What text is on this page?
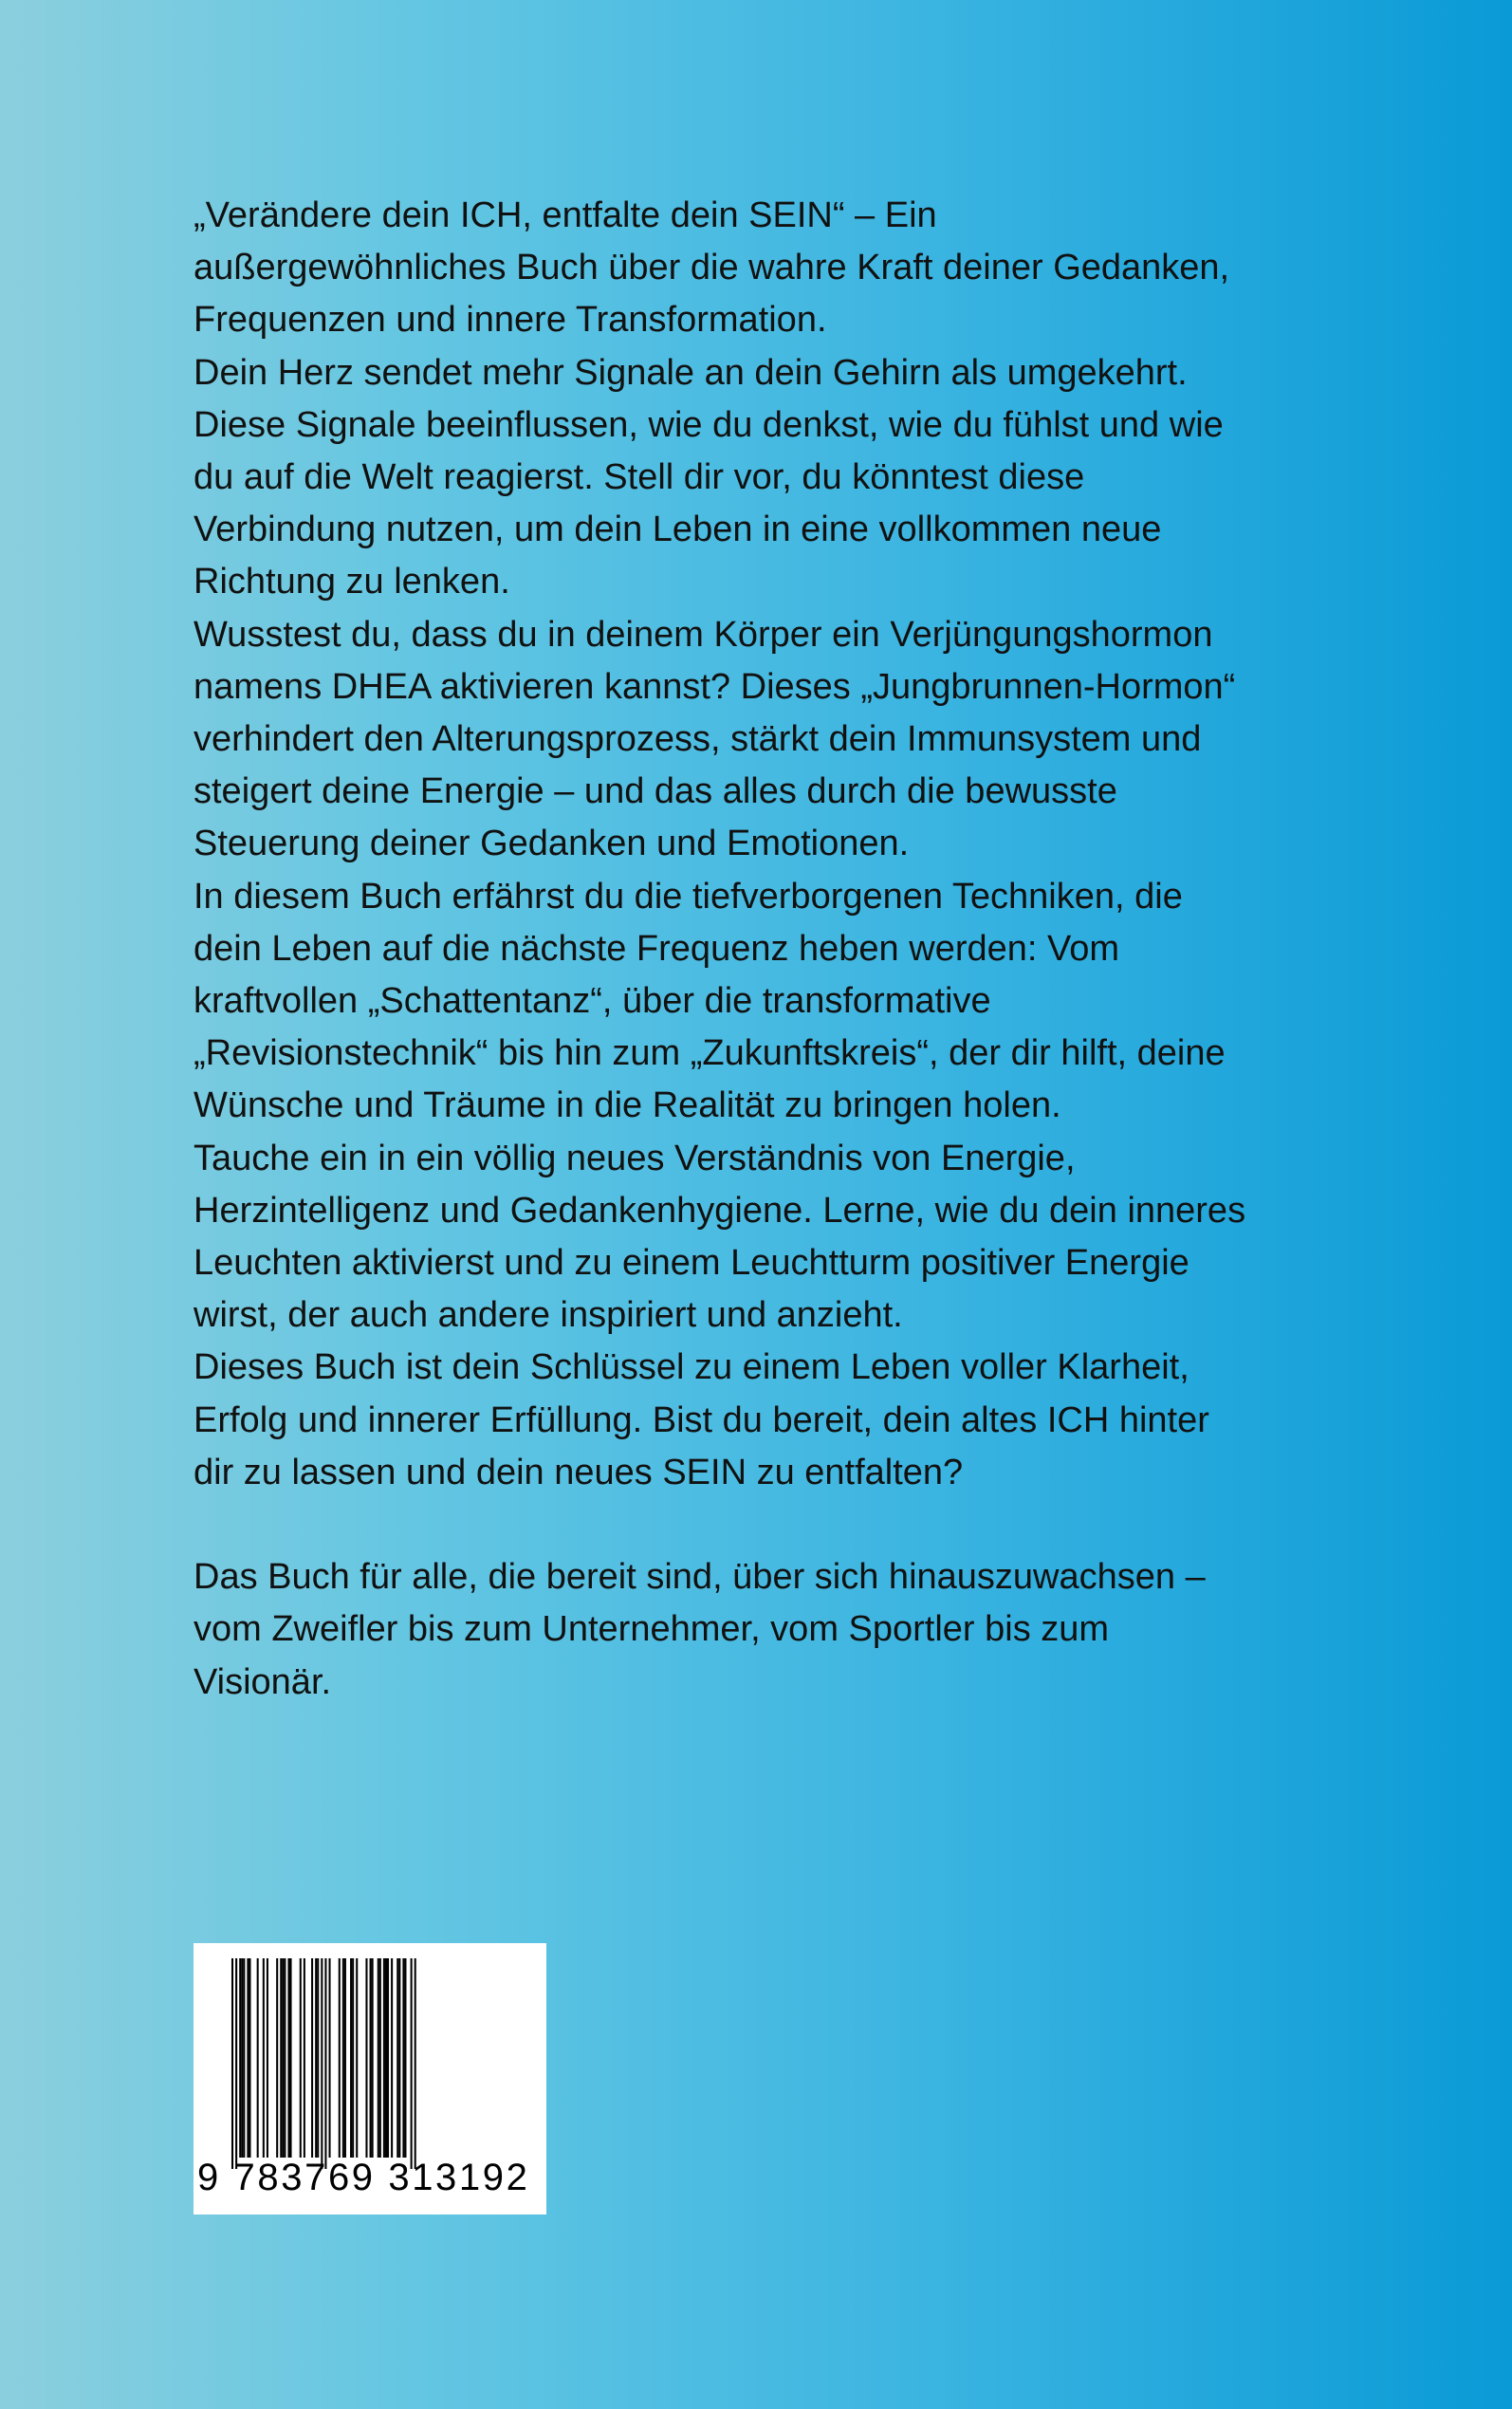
„Verändere dein ICH, entfalte dein SEIN“ – Ein außergewöhnliches Buch über die wahre Kraft deiner Gedanken, Frequenzen und innere Transformation.

Dein Herz sendet mehr Signale an dein Gehirn als umgekehrt. Diese Signale beeinflussen, wie du denkst, wie du fühlst und wie du auf die Welt reagierst. Stell dir vor, du könntest diese Verbindung nutzen, um dein Leben in eine vollkommen neue Richtung zu lenken.

Wusstest du, dass du in deinem Körper ein Verjüngungshormon namens DHEA aktivieren kannst? Dieses „Jungbrunnen-Hormon“ verhindert den Alterungsprozess, stärkt dein Immunsystem und steigert deine Energie – und das alles durch die bewusste Steuerung deiner Gedanken und Emotionen.

In diesem Buch erfährst du die tiefverborgenen Techniken, die dein Leben auf die nächste Frequenz heben werden: Vom kraftvollen „Schattentanz“, über die transformative „Revisionstechnik“ bis hin zum „Zukunftskreis“, der dir hilft, deine Wünsche und Träume in die Realität zu bringen holen.

Tauche ein in ein völlig neues Verständnis von Energie, Herzintelligenz und Gedankenhygiene. Lerne, wie du dein inneres Leuchten aktivierst und zu einem Leuchtturm positiver Energie wirst, der auch andere inspiriert und anzieht.

Dieses Buch ist dein Schlüssel zu einem Leben voller Klarheit, Erfolg und innerer Erfüllung. Bist du bereit, dein altes ICH hinter dir zu lassen und dein neues SEIN zu entfalten?

Das Buch für alle, die bereit sind, über sich hinauszuwachsen – vom Zweifler bis zum Unternehmer, vom Sportler bis zum Visionär.

9 783769 313192
